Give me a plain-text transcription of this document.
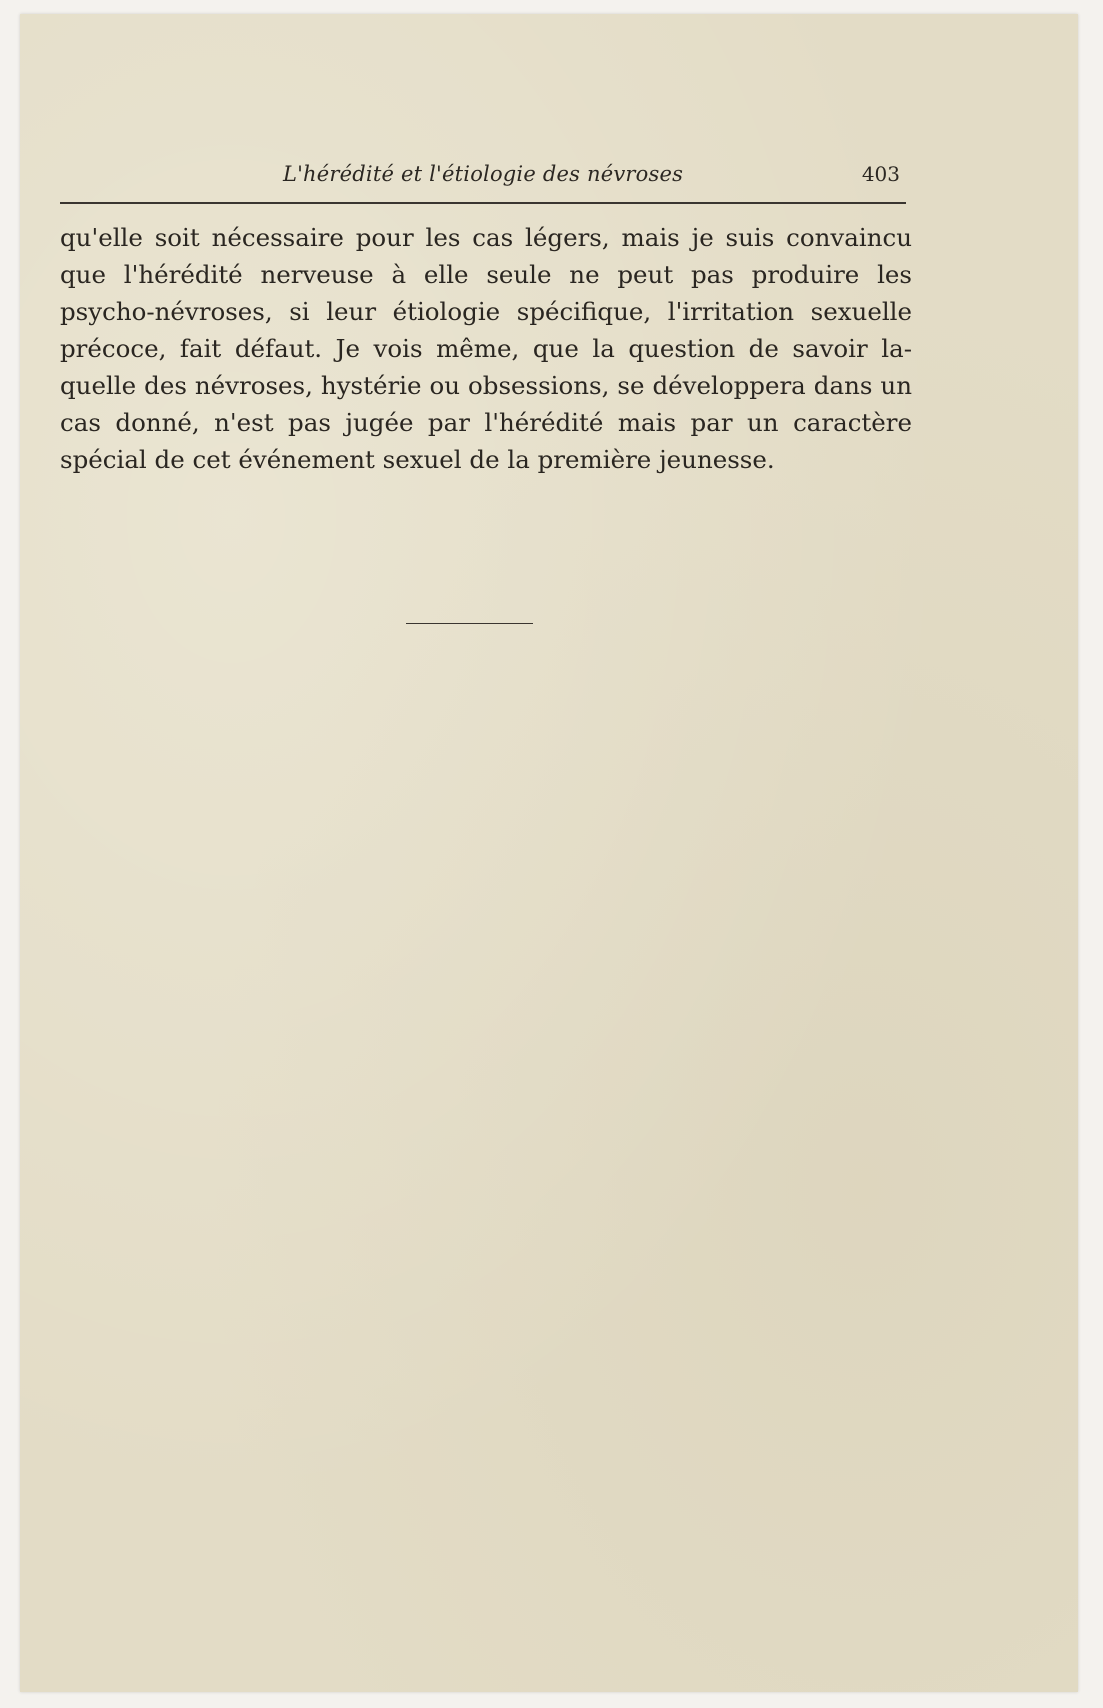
L'hérédité et l'étiologie des névroses	403
qu'elle soit nécessaire pour les cas légers, mais je suis convaincu
que l'hérédité nerveuse à elle seule ne peut pas produire les
psycho-névroses, si leur étiologie spécifique, l'irritation sexuelle
précoce, fait défaut. Je vois même, que la question de savoir la-
quelle des névroses, hystérie ou obsessions, se développera dans un
cas donné, n'est pas jugée par l'hérédité mais par un caractère
spécial de cet événement sexuel de la première jeunesse.
